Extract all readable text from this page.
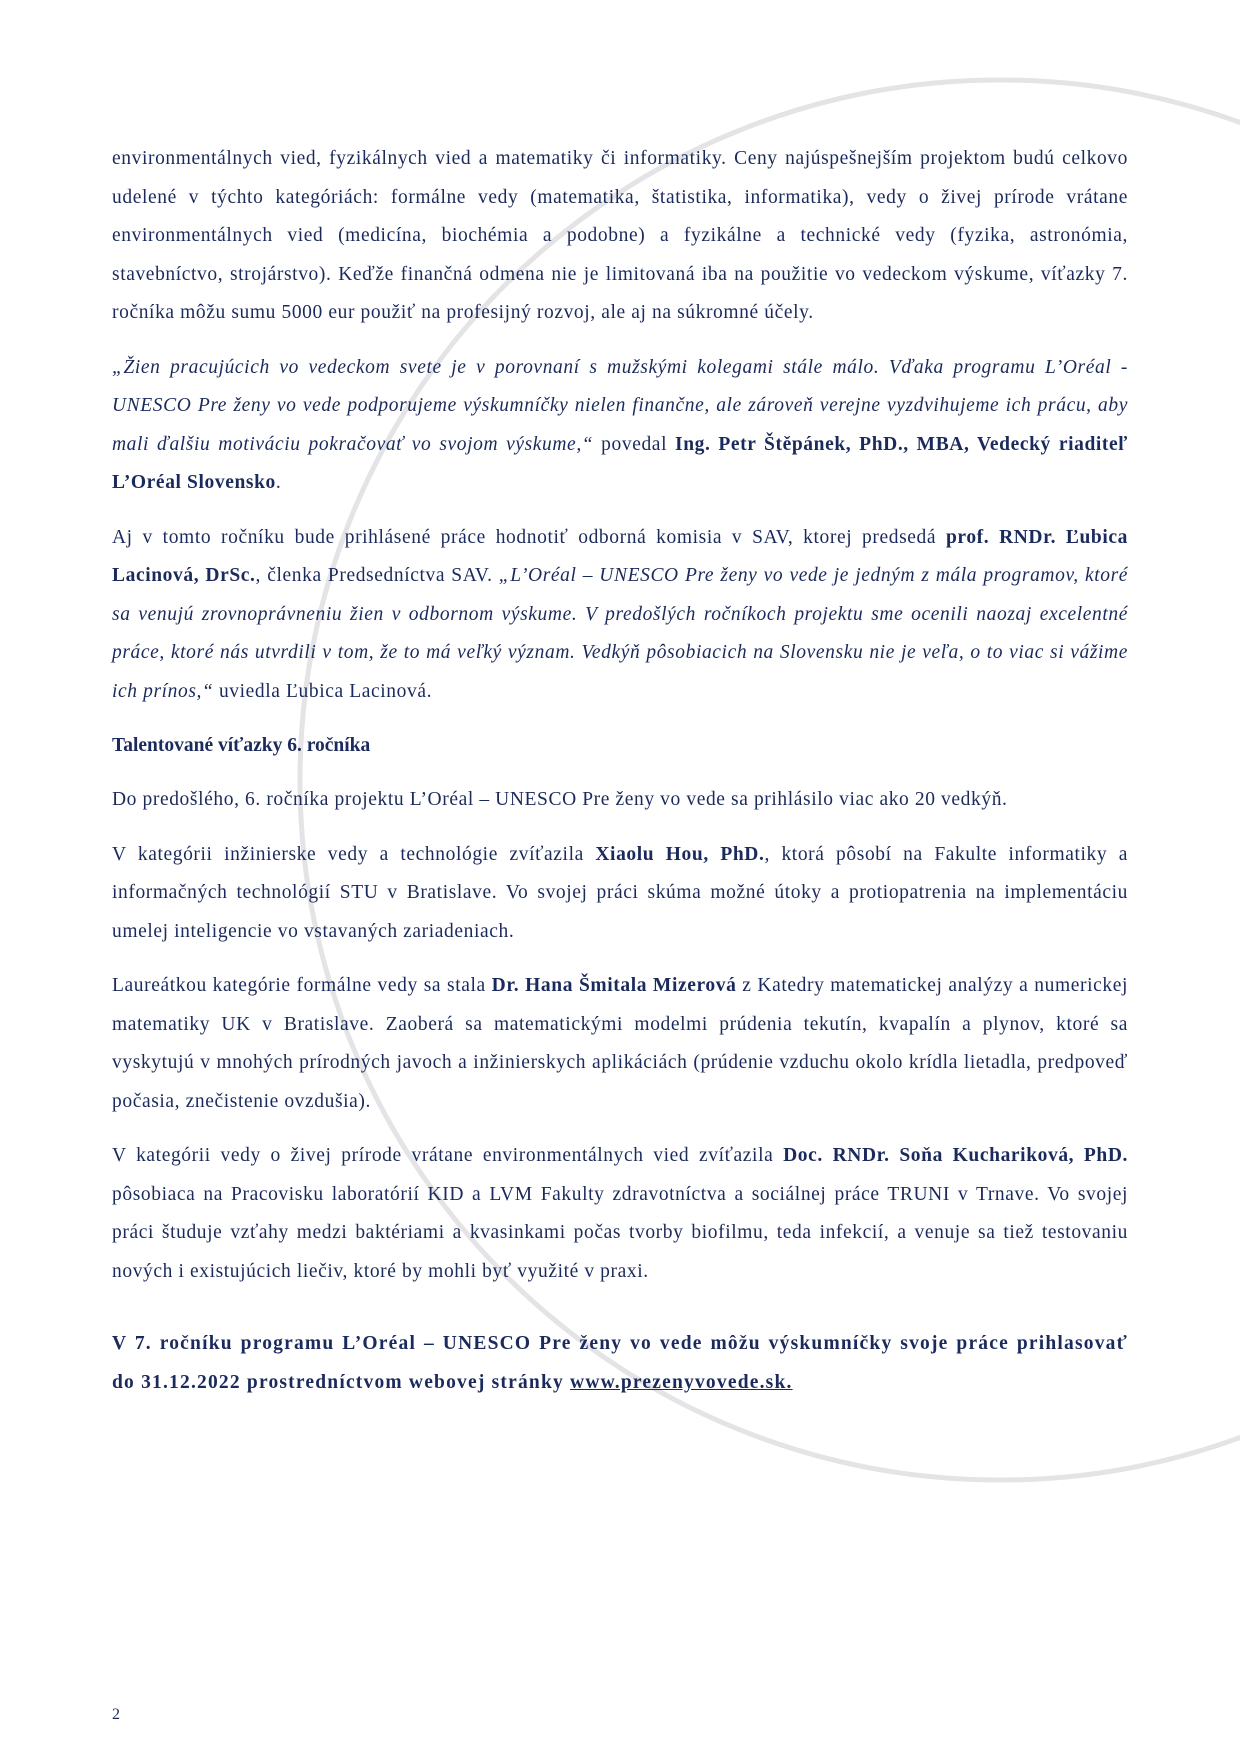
environmentálnych vied, fyzikálnych vied a matematiky či informatiky. Ceny najúspešnejším projektom budú celkovo udelené v týchto kategóriách: formálne vedy (matematika, štatistika, informatika), vedy o živej prírode vrátane environmentálnych vied (medicína, biochémia a podobne) a fyzikálne a technické vedy (fyzika, astronómia, stavebníctvo, strojárstvo). Keďže finančná odmena nie je limitovaná iba na použitie vo vedeckom výskume, víťazky 7. ročníka môžu sumu 5000 eur použiť na profesijný rozvoj, ale aj na súkromné účely.

„Žien pracujúcich vo vedeckom svete je v porovnaní s mužskými kolegami stále málo. Vďaka programu L’Oréal - UNESCO Pre ženy vo vede podporujeme výskumníčky nielen finančne, ale zároveň verejne vyzdvihujeme ich prácu, aby mali ďalšiu motiváciu pokračovať vo svojom výskume,“ povedal Ing. Petr Štěpánek, PhD., MBA, Vedecký riaditeľ L’Oréal Slovensko.

Aj v tomto ročníku bude prihlásené práce hodnotiť odborná komisia v SAV, ktorej predsedá prof. RNDr. Ľubica Lacinová, DrSc., členka Predsedníctva SAV. „L’Oréal – UNESCO Pre ženy vo vede je jedným z mála programov, ktoré sa venujú zrovnoprávneniu žien v odbornom výskume. V predošlých ročníkoch projektu sme ocenili naozaj excelentné práce, ktoré nás utvrdili v tom, že to má veľký význam. Vedkýň pôsobiacich na Slovensku nie je veľa, o to viac si vážime ich prínos,“ uviedla Ľubica Lacinová.

Talentované víťazky 6. ročníka

Do predošlého, 6. ročníka projektu L’Oréal – UNESCO Pre ženy vo vede sa prihlásilo viac ako 20 vedkýň.

V kategórii inžinierske vedy a technológie zvíťazila Xiaolu Hou, PhD., ktorá pôsobí na Fakulte informatiky a informačných technológií STU v Bratislave. Vo svojej práci skúma možné útoky a protiopatrenia na implementáciu umelej inteligencie vo vstavaných zariadeniach.

Laureátkou kategórie formálne vedy sa stala Dr. Hana Šmitala Mizerová z Katedry matematickej analýzy a numerickej matematiky UK v Bratislave. Zaoberá sa matematickými modelmi prúdenia tekutín, kvapalín a plynov, ktoré sa vyskytujú v mnohých prírodných javoch a inžinierskych aplikáciách (prúdenie vzduchu okolo krídla lietadla, predpoveď počasia, znečistenie ovzdušia).

V kategórii vedy o živej prírode vrátane environmentálnych vied zvíťazila Doc. RNDr. Soňa Kuchariková, PhD. pôsobiaca na Pracovisku laboratórií KID a LVM Fakulty zdravotníctva a sociálnej práce TRUNI v Trnave. Vo svojej práci študuje vzťahy medzi baktériami a kvasinkami počas tvorby biofilmu, teda infekcií, a venuje sa tiež testovaniu nových i existujúcich liečiv, ktoré by mohli byť využité v praxi.

V 7. ročníku programu L’Oréal – UNESCO Pre ženy vo vede môžu výskumníčky svoje práce prihlasovať do 31.12.2022 prostredníctvom webovej stránky www.prezenyvovede.sk.

2
